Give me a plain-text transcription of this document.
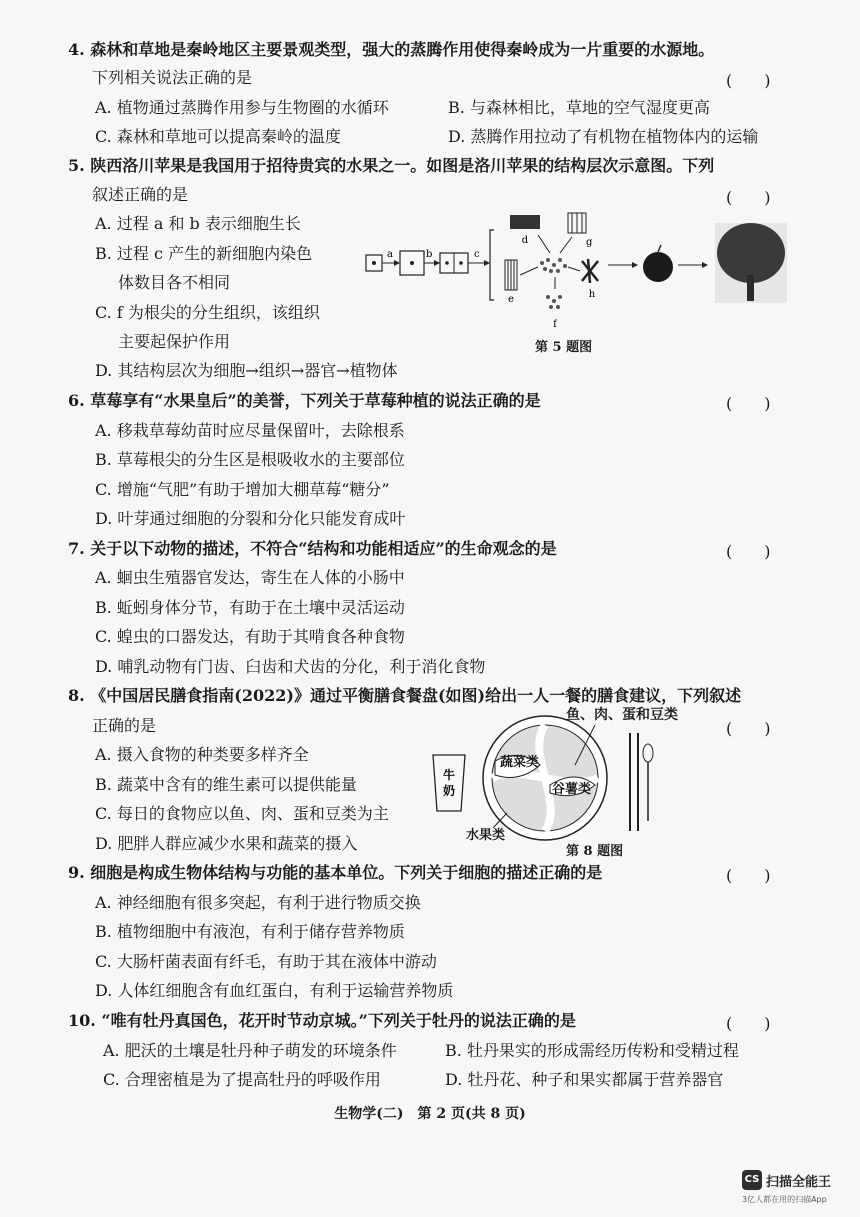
4. 森林和草地是秦岭地区主要景观类型，强大的蒸腾作用使得秦岭成为一片重要的水源地。
下列相关说法正确的是	(　　)
A. 植物通过蒸腾作用参与生物圈的水循环	B. 与森林相比，草地的空气湿度更高
C. 森林和草地可以提高秦岭的温度	D. 蒸腾作用拉动了有机物在植物体内的运输
5. 陕西洛川苹果是我国用于招待贵宾的水果之一。如图是洛川苹果的结构层次示意图。下列
叙述正确的是	(　　)
A. 过程 a 和 b 表示细胞生长
B. 过程 c 产生的新细胞内染色
体数目各不相同
C. f 为根尖的分生组织，该组织
主要起保护作用
D. 其结构层次为细胞→组织→器官→植物体
a	b	c
d	g
e
f
h
第 5 题图
6. 草莓享有“水果皇后”的美誉，下列关于草莓种植的说法正确的是	(　　)
A. 移栽草莓幼苗时应尽量保留叶，去除根系
B. 草莓根尖的分生区是根吸收水的主要部位
C. 增施“气肥”有助于增加大棚草莓“糖分”
D. 叶芽通过细胞的分裂和分化只能发育成叶
7. 关于以下动物的描述，不符合“结构和功能相适应”的生命观念的是	(　　)
A. 蛔虫生殖器官发达，寄生在人体的小肠中
B. 蚯蚓身体分节，有助于在土壤中灵活运动
C. 蝗虫的口器发达，有助于其啃食各种食物
D. 哺乳动物有门齿、臼齿和犬齿的分化，利于消化食物
8. 《中国居民膳食指南(2022)》通过平衡膳食餐盘(如图)给出一人一餐的膳食建议，下列叙述
正确的是	(　　)
A. 摄入食物的种类要多样齐全
B. 蔬菜中含有的维生素可以提供能量
C. 每日的食物应以鱼、肉、蛋和豆类为主
D. 肥胖人群应减少水果和蔬菜的摄入
牛
奶
鱼、肉、蛋和豆类
蔬菜类
谷薯类
水果类
第 8 题图
9. 细胞是构成生物体结构与功能的基本单位。下列关于细胞的描述正确的是	(　　)
A. 神经细胞有很多突起，有利于进行物质交换
B. 植物细胞中有液泡，有利于储存营养物质
C. 大肠杆菌表面有纤毛，有助于其在液体中游动
D. 人体红细胞含有血红蛋白，有利于运输营养物质
10. “唯有牡丹真国色，花开时节动京城。”下列关于牡丹的说法正确的是	(　　)
A. 肥沃的土壤是牡丹种子萌发的环境条件	B. 牡丹果实的形成需经历传粉和受精过程
C. 合理密植是为了提高牡丹的呼吸作用	D. 牡丹花、种子和果实都属于营养器官
生物学(二)　第 2 页(共 8 页)
CS 扫描全能王
3亿人都在用的扫描App
